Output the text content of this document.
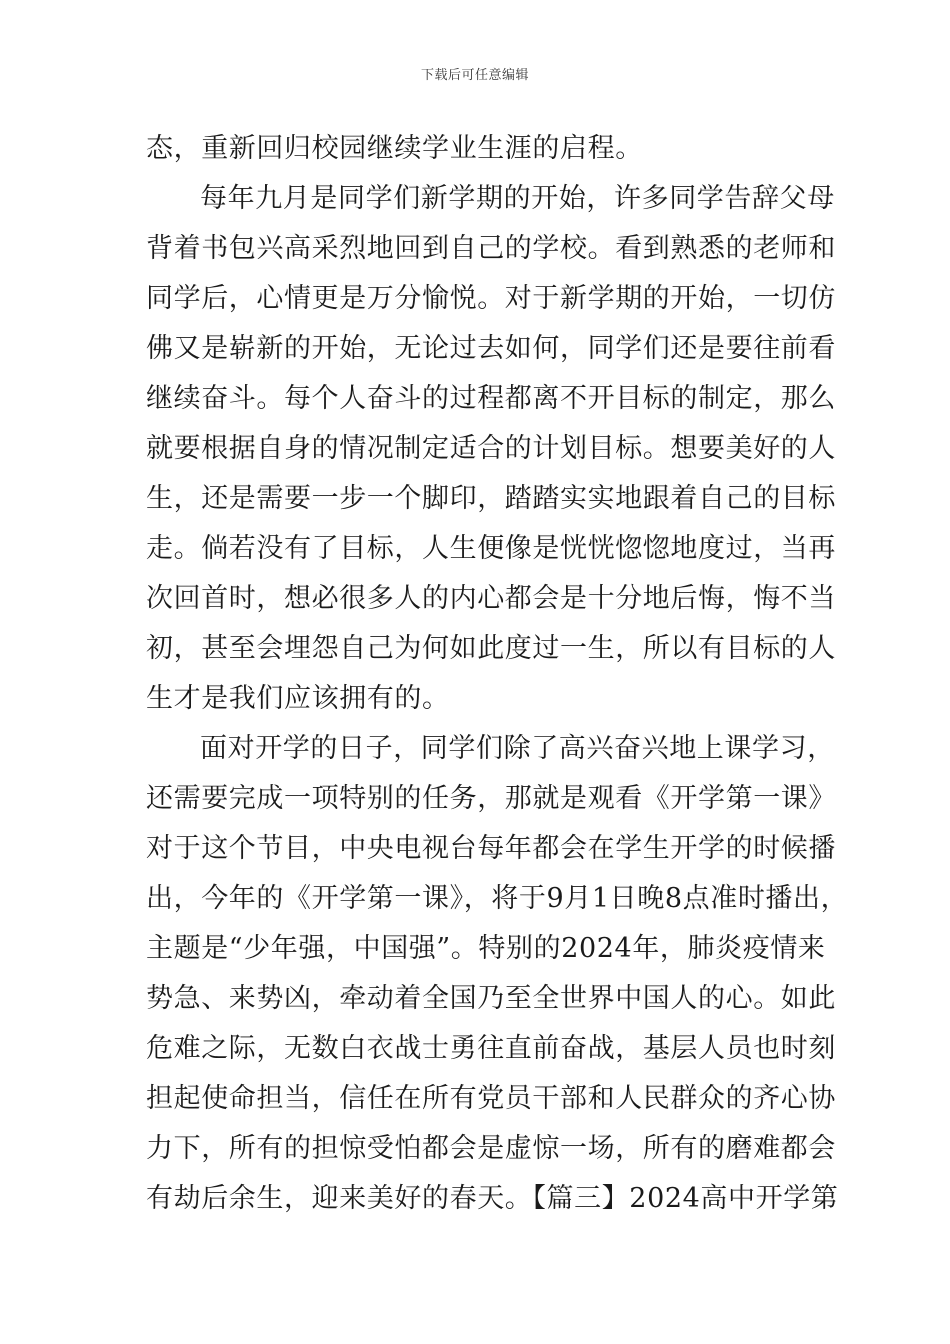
下载后可任意编辑
态，重新回归校园继续学业生涯的启程。
每年九月是同学们新学期的开始，许多同学告辞父母
背着书包兴高采烈地回到自己的学校。看到熟悉的老师和
同学后，心情更是万分愉悦。对于新学期的开始，一切仿
佛又是崭新的开始，无论过去如何，同学们还是要往前看
继续奋斗。每个人奋斗的过程都离不开目标的制定，那么
就要根据自身的情况制定适合的计划目标。想要美好的人
生，还是需要一步一个脚印，踏踏实实地跟着自己的目标
走。倘若没有了目标，人生便像是恍恍惚惚地度过，当再
次回首时，想必很多人的内心都会是十分地后悔，悔不当
初，甚至会埋怨自己为何如此度过一生，所以有目标的人
生才是我们应该拥有的。
面对开学的日子，同学们除了高兴奋兴地上课学习，
还需要完成一项特别的任务，那就是观看《开学第一课》
对于这个节目，中央电视台每年都会在学生开学的时候播
出，今年的《开学第一课》，将于9月1日晚8点准时播出，
主题是“少年强，中国强”。特别的2024年，肺炎疫情来
势急、来势凶，牵动着全国乃至全世界中国人的心。如此
危难之际，无数白衣战士勇往直前奋战，基层人员也时刻
担起使命担当，信任在所有党员干部和人民群众的齐心协
力下，所有的担惊受怕都会是虚惊一场，所有的磨难都会
有劫后余生，迎来美好的春天。【篇三】2024高中开学第
